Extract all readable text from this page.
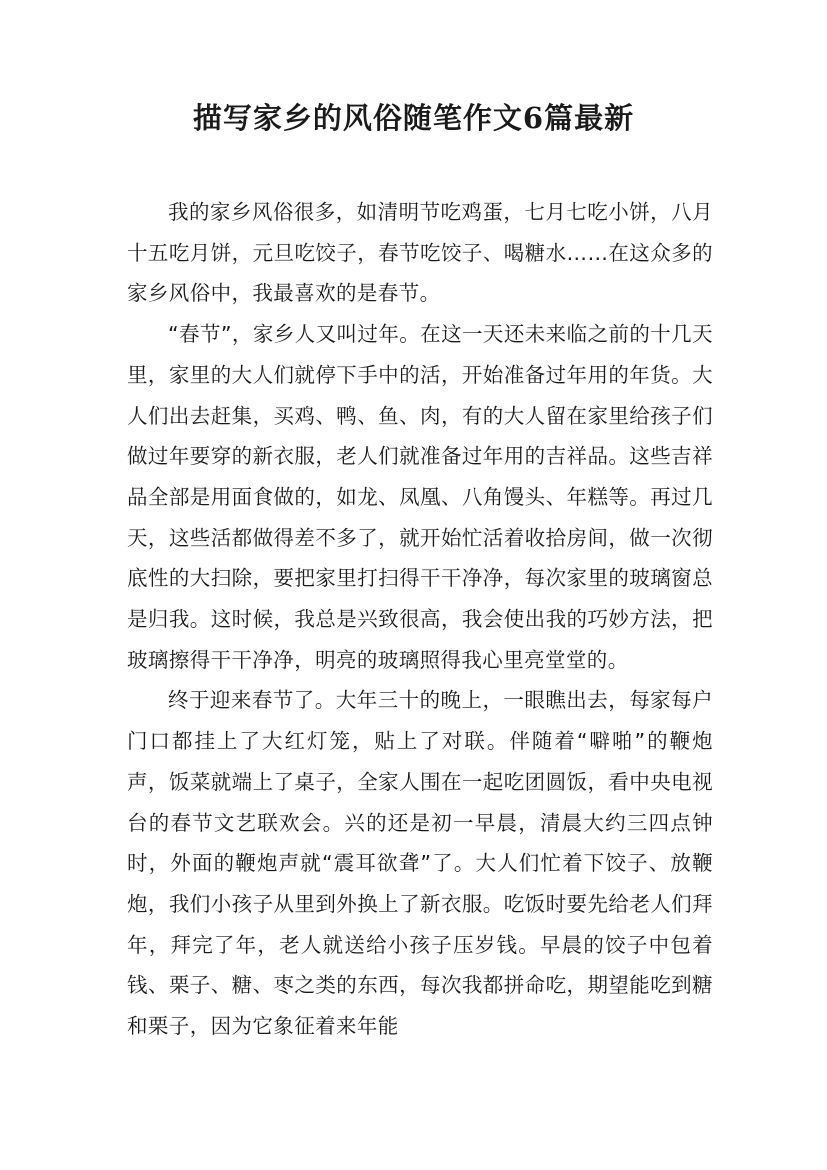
描写家乡的风俗随笔作文6篇最新

我的家乡风俗很多，如清明节吃鸡蛋，七月七吃小饼，八月十五吃月饼，元旦吃饺子，春节吃饺子、喝糖水……在这众多的家乡风俗中，我最喜欢的是春节。

“春节”，家乡人又叫过年。在这一天还未来临之前的十几天里，家里的大人们就停下手中的活，开始准备过年用的年货。大人们出去赶集，买鸡、鸭、鱼、肉，有的大人留在家里给孩子们做过年要穿的新衣服，老人们就准备过年用的吉祥品。这些吉祥品全部是用面食做的，如龙、凤凰、八角馒头、年糕等。再过几天，这些活都做得差不多了，就开始忙活着收拾房间，做一次彻底性的大扫除，要把家里打扫得干干净净，每次家里的玻璃窗总是归我。这时候，我总是兴致很高，我会使出我的巧妙方法，把玻璃擦得干干净净，明亮的玻璃照得我心里亮堂堂的。

终于迎来春节了。大年三十的晚上，一眼瞧出去，每家每户门口都挂上了大红灯笼，贴上了对联。伴随着“噼啪”的鞭炮声，饭菜就端上了桌子，全家人围在一起吃团圆饭，看中央电视台的春节文艺联欢会。兴的还是初一早晨，清晨大约三四点钟时，外面的鞭炮声就“震耳欲聋”了。大人们忙着下饺子、放鞭炮，我们小孩子从里到外换上了新衣服。吃饭时要先给老人们拜年，拜完了年，老人就送给小孩子压岁钱。早晨的饺子中包着钱、栗子、糖、枣之类的东西，每次我都拼命吃，期望能吃到糖和栗子，因为它象征着来年能
